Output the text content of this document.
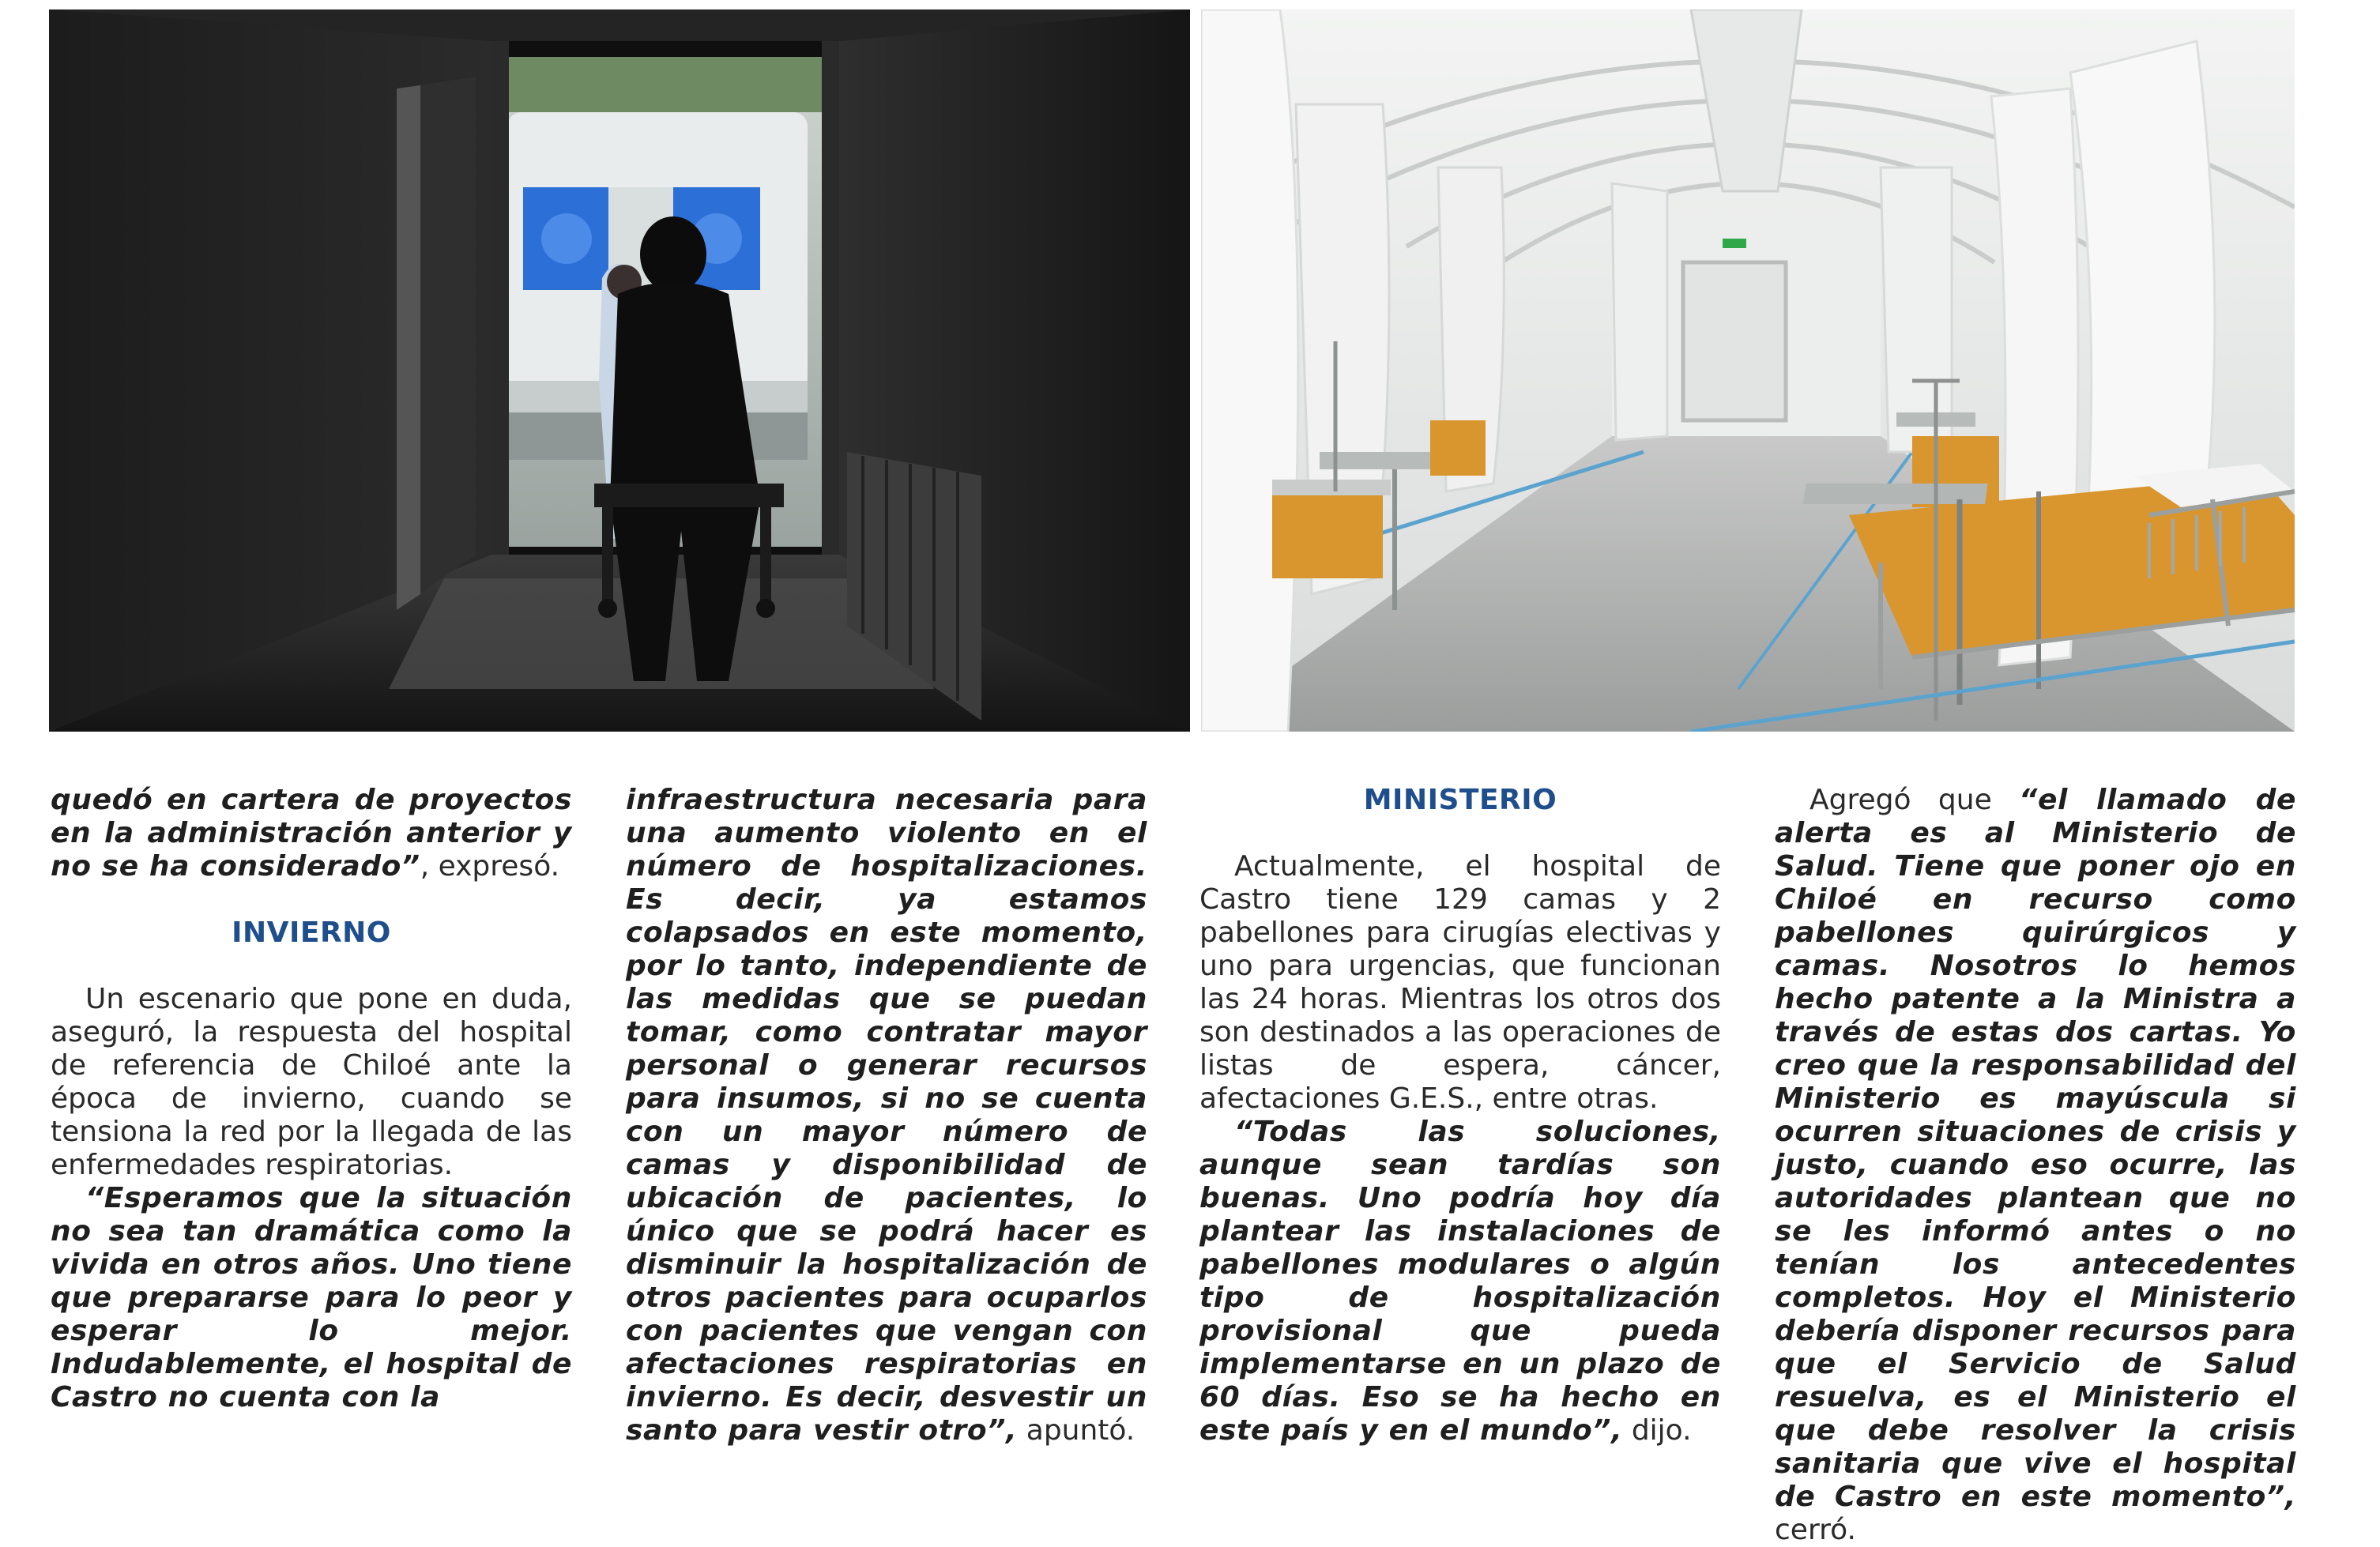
quedó en cartera de proyectos en la administración anterior y no se ha considerado”, expresó.

INVIERNO

Un escenario que pone en duda, aseguró, la respuesta del hospital de referencia de Chiloé ante la época de invierno, cuando se tensiona la red por la llegada de las enfermedades respiratorias.

“Esperamos que la situación no sea tan dramática como la vivida en otros años. Uno tiene que prepararse para lo peor y esperar lo mejor. Indudablemente, el hospital de Castro no cuenta con la

infraestructura necesaria para una aumento violento en el número de hospitalizaciones. Es decir, ya estamos colapsados en este momento, por lo tanto, independiente de las medidas que se puedan tomar, como contratar mayor personal o generar recursos para insumos, si no se cuenta con un mayor número de camas y disponibilidad de ubicación de pacientes, lo único que se podrá hacer es disminuir la hospitalización de otros pacientes para ocuparlos con pacientes que vengan con afectaciones respiratorias en invierno. Es decir, desvestir un santo para vestir otro”, apuntó.

MINISTERIO

Actualmente, el hospital de Castro tiene 129 camas y 2 pabellones para cirugías electivas y uno para urgencias, que funcionan las 24 horas. Mientras los otros dos son destinados a las operaciones de listas de espera, cáncer, afectaciones G.E.S., entre otras.

“Todas las soluciones, aunque sean tardías son buenas. Uno podría hoy día plantear las instalaciones de pabellones modulares o algún tipo de hospitalización provisional que pueda implementarse en un plazo de 60 días. Eso se ha hecho en este país y en el mundo”, dijo.

Agregó que “el llamado de alerta es al Ministerio de Salud. Tiene que poner ojo en Chiloé en recurso como pabellones quirúrgicos y camas. Nosotros lo hemos hecho patente a la Ministra a través de estas dos cartas. Yo creo que la responsabilidad del Ministerio es mayúscula si ocurren situaciones de crisis y justo, cuando eso ocurre, las autoridades plantean que no se les informó antes o no tenían los antecedentes completos. Hoy el Ministerio debería disponer recursos para que el Servicio de Salud resuelva, es el Ministerio el que debe resolver la crisis sanitaria que vive el hospital de Castro en este momento”, cerró.
